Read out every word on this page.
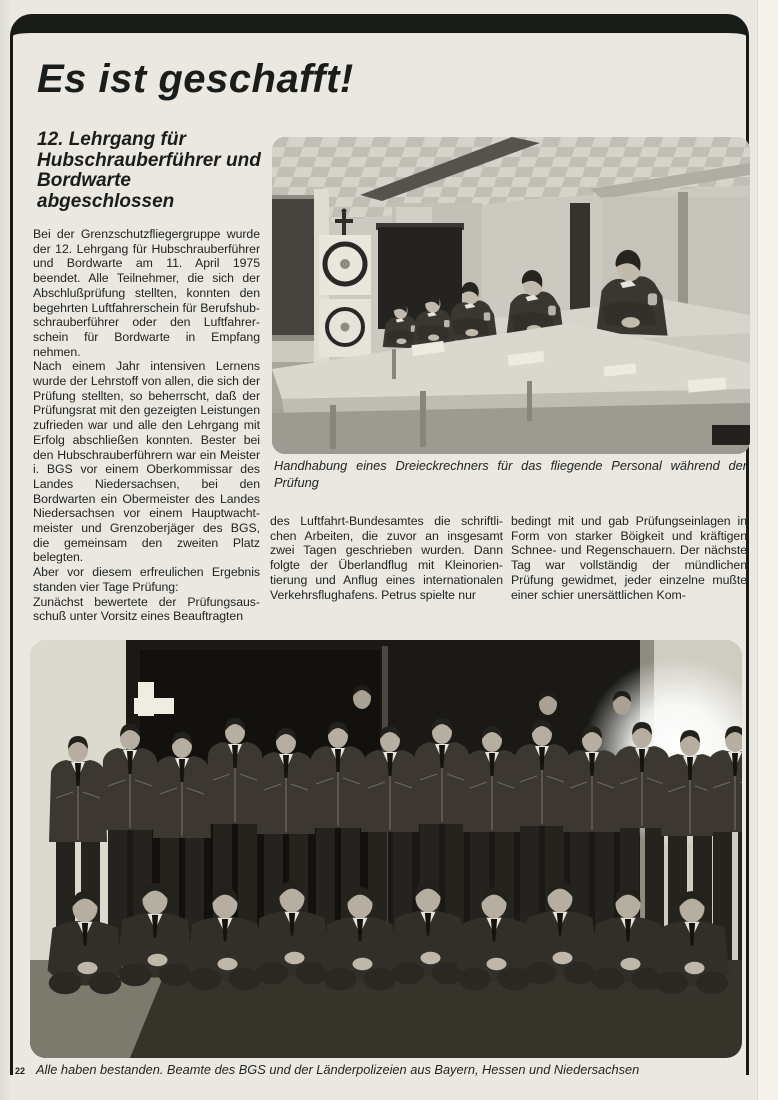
Es ist geschafft!
12. Lehrgang für Hubschrauberführer und Bordwarte abgeschlossen

Bei der Grenzschutzfliegergruppe wurde der 12. Lehrgang für Hubschrauberführer und Bordwarte am 11. April 1975 beendet. Alle Teilnehmer, die sich der Abschlußprüfung stellten, konnten den begehrten Luftfahrerschein für Berufshubschrauberführer oder den Luftfahrerschein für Bordwarte in Empfang nehmen.

Nach einem Jahr intensiven Lernens wurde der Lehrstoff von allen, die sich der Prüfung stellten, so beherrscht, daß der Prüfungsrat mit den gezeigten Leistungen zufrieden war und alle den Lehrgang mit Erfolg abschließen konnten. Bester bei den Hubschrauberführern war ein Meister i. BGS vor einem Oberkommissar des Landes Niedersachsen, bei den Bordwarten ein Obermeister des Landes Niedersachsen vor einem Hauptwachtmeister und Grenzoberjäger des BGS, die gemeinsam den zweiten Platz belegten.

Aber vor diesem erfreulichen Ergebnis standen vier Tage Prüfung:

Zunächst bewertete der Prüfungsausschuß unter Vorsitz eines Beauftragten

Handhabung eines Dreieckrechners für das fliegende Personal während der Prüfung

des Luftfahrt-Bundesamtes die schriftlichen Arbeiten, die zuvor an insgesamt zwei Tagen geschrieben wurden. Dann folgte der Überlandflug mit Kleinorientierung und Anflug eines internationalen Verkehrsflughafens. Petrus spielte nur

bedingt mit und gab Prüfungseinlagen in Form von starker Böigkeit und kräftigen Schnee- und Regenschauern. Der nächste Tag war vollständig der mündlichen Prüfung gewidmet, jeder einzelne mußte einer schier unersättlichen Kom-

22 Alle haben bestanden. Beamte des BGS und der Länderpolizeien aus Bayern, Hessen und Niedersachsen
